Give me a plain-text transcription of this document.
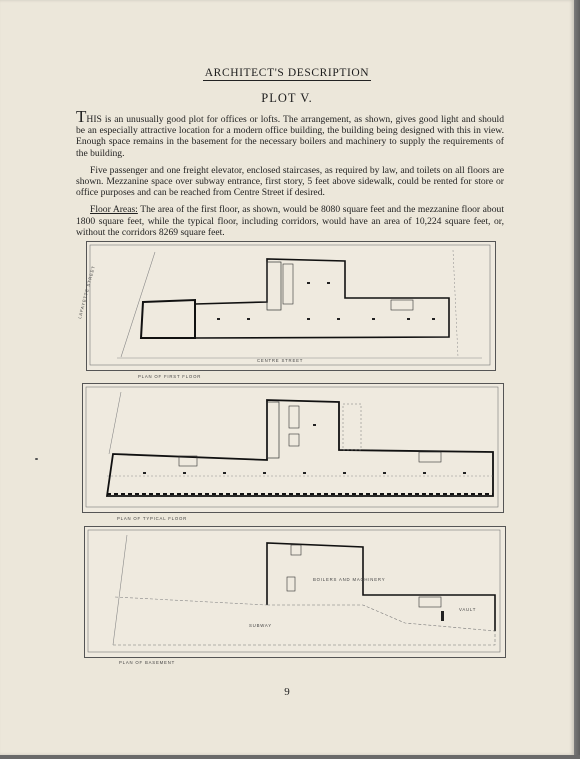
ARCHITECT'S DESCRIPTION
PLOT V.

THIS is an unusually good plot for offices or lofts. The arrangement, as shown, gives good light and should be an especially attractive location for a modern office building, the building being designed with this in view. Enough space remains in the basement for the necessary boilers and machinery to supply the requirements of the building.

Five passenger and one freight elevator, enclosed staircases, as required by law, and toilets on all floors are shown. Mezzanine space over subway entrance, first story, 5 feet above sidewalk, could be rented for store or office purposes and can be reached from Centre Street if desired.

Floor Areas: The area of the first floor, as shown, would be 8080 square feet and the mezzanine floor about 1800 square feet, while the typical floor, including corridors, would have an area of 10,224 square feet, or, without the corridors 8269 square feet.

LAFAYETTE STREET
CENTRE STREET
PLAN OF FIRST FLOOR
PLAN OF TYPICAL FLOOR
BOILERS AND MACHINERY
SUBWAY
VAULT
PLAN OF BASEMENT
9
